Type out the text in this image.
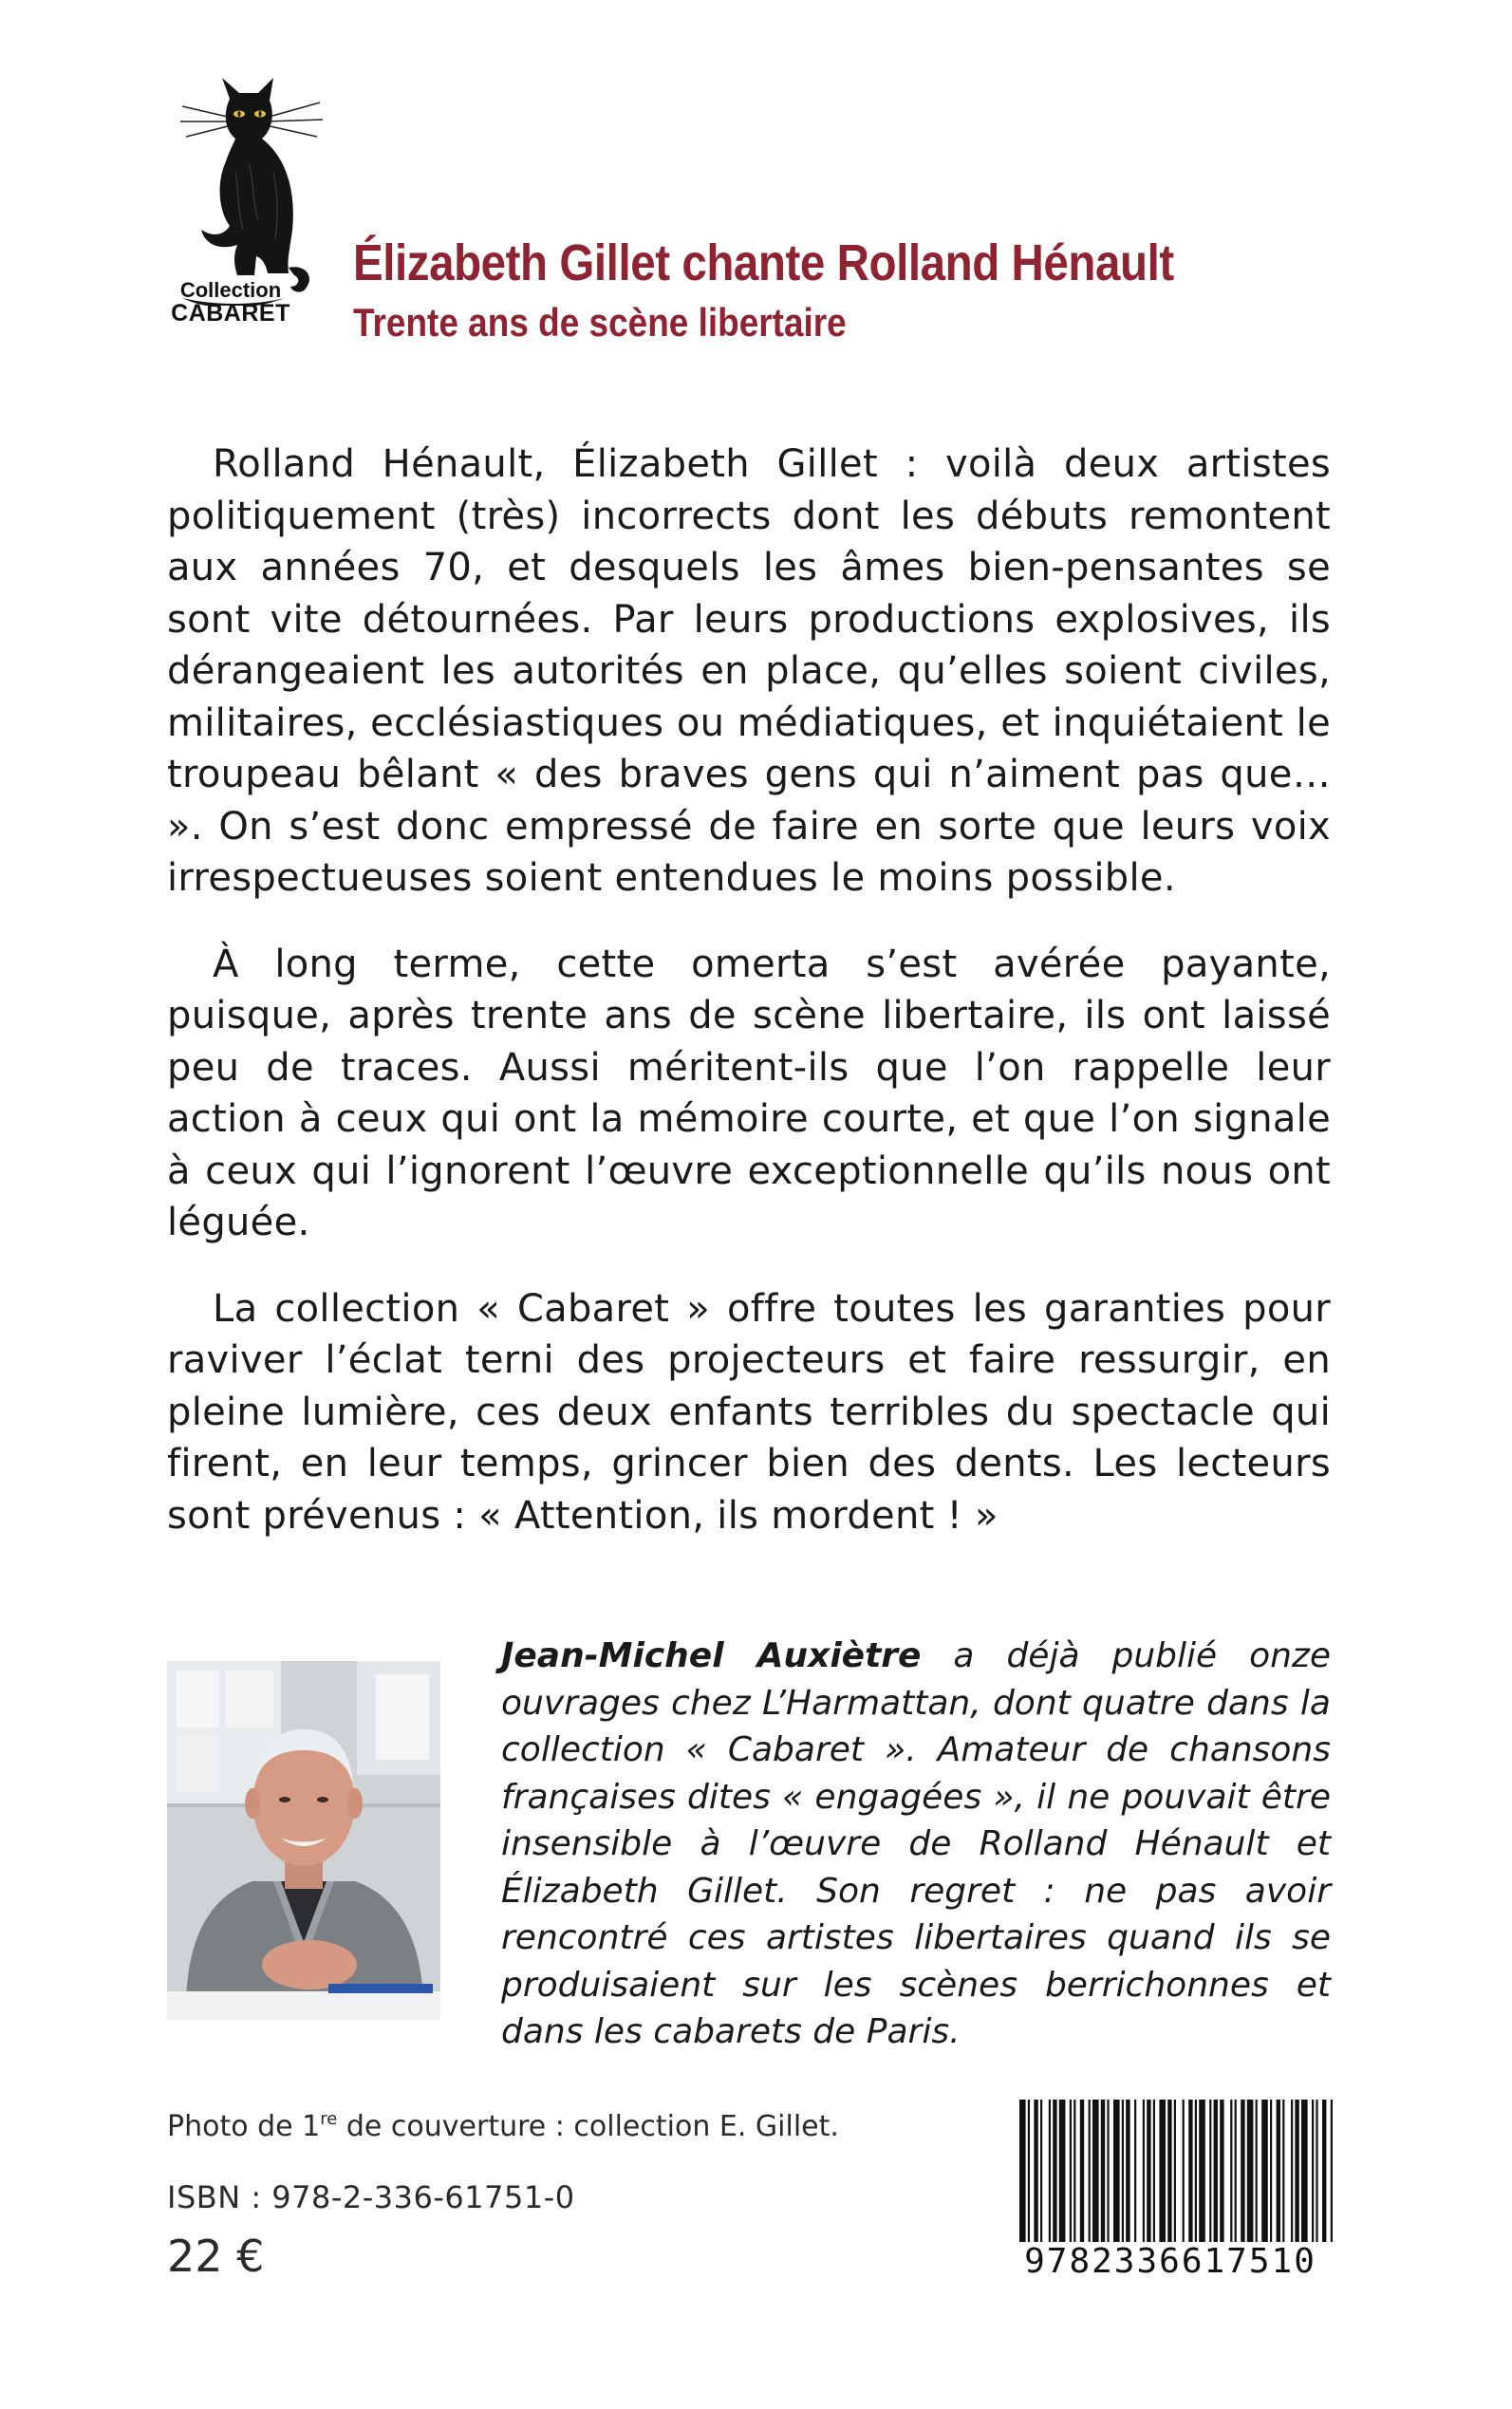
Collection
CABARET
Élizabeth Gillet chante Rolland Hénault
Trente ans de scène libertaire

Rolland Hénault, Élizabeth Gillet : voilà deux artistes politiquement (très) incorrects dont les débuts remontent aux années 70, et desquels les âmes bien-pensantes se sont vite détournées. Par leurs productions explosives, ils dérangeaient les autorités en place, qu’elles soient civiles, militaires, ecclésiastiques ou médiatiques, et inquiétaient le troupeau bêlant « des braves gens qui n’aiment pas que… ». On s’est donc empressé de faire en sorte que leurs voix irrespectueuses soient entendues le moins possible.

À long terme, cette omerta s’est avérée payante, puisque, après trente ans de scène libertaire, ils ont laissé peu de traces. Aussi méritent-ils que l’on rappelle leur action à ceux qui ont la mémoire courte, et que l’on signale à ceux qui l’ignorent l’œuvre exceptionnelle qu’ils nous ont léguée.

La collection « Cabaret » offre toutes les garanties pour raviver l’éclat terni des projecteurs et faire ressurgir, en pleine lumière, ces deux enfants terribles du spectacle qui firent, en leur temps, grincer bien des dents. Les lecteurs sont prévenus : « Attention, ils mordent ! »

Jean-Michel Auxiètre a déjà publié onze ouvrages chez L’Harmattan, dont quatre dans la collection « Cabaret ». Amateur de chansons françaises dites « engagées », il ne pouvait être insensible à l’œuvre de Rolland Hénault et Élizabeth Gillet. Son regret : ne pas avoir rencontré ces artistes libertaires quand ils se produisaient sur les scènes berrichonnes et dans les cabarets de Paris.

Photo de 1re de couverture : collection E. Gillet.

ISBN : 978-2-336-61751-0

22 €	9782336617510
